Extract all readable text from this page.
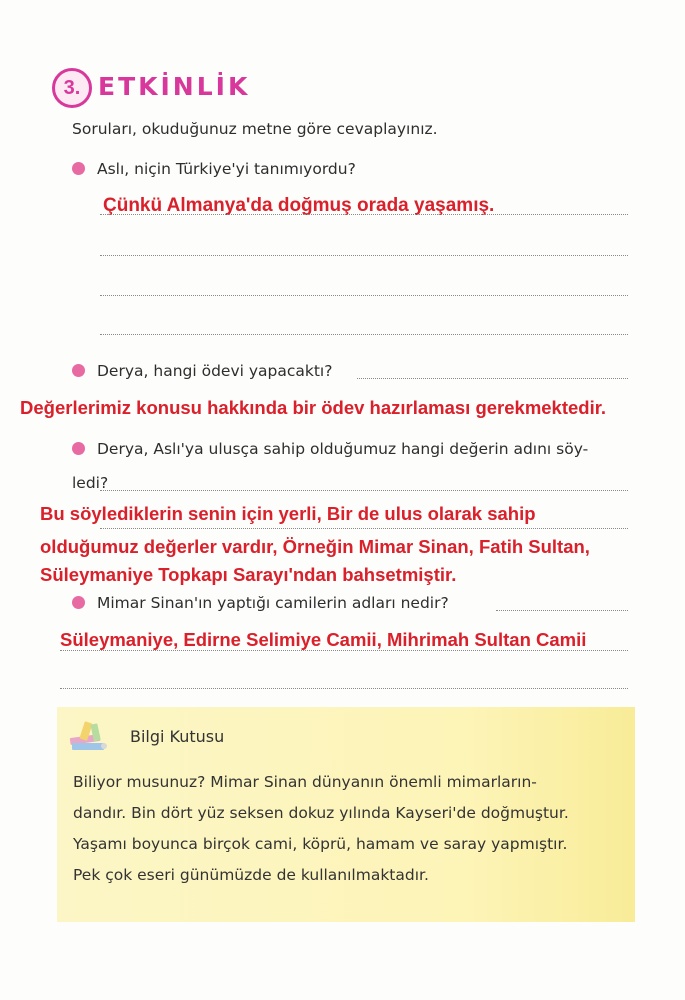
3. ETKİNLİK
Soruları, okuduğunuz metne göre cevaplayınız.
Aslı, niçin Türkiye'yi tanımıyordu?
Çünkü Almanya'da doğmuş orada yaşamış.
Derya, hangi ödevi yapacaktı?
Değerlerimiz konusu hakkında bir ödev hazırlaması gerekmektedir.
Derya, Aslı'ya ulusça sahip olduğumuz hangi değerin adını söy-
ledi?
Bu söylediklerin senin için yerli, Bir de ulus olarak sahip
olduğumuz değerler vardır, Örneğin Mimar Sinan, Fatih Sultan,
Süleymaniye Topkapı Sarayı'ndan bahsetmiştir.
Mimar Sinan'ın yaptığı camilerin adları nedir?
Süleymaniye, Edirne Selimiye Camii, Mihrimah Sultan Camii
Bilgi Kutusu
Biliyor musunuz? Mimar Sinan dünyanın önemli mimarların-
dandır. Bin dört yüz seksen dokuz yılında Kayseri'de doğmuştur.
Yaşamı boyunca birçok cami, köprü, hamam ve saray yapmıştır.
Pek çok eseri günümüzde de kullanılmaktadır.
